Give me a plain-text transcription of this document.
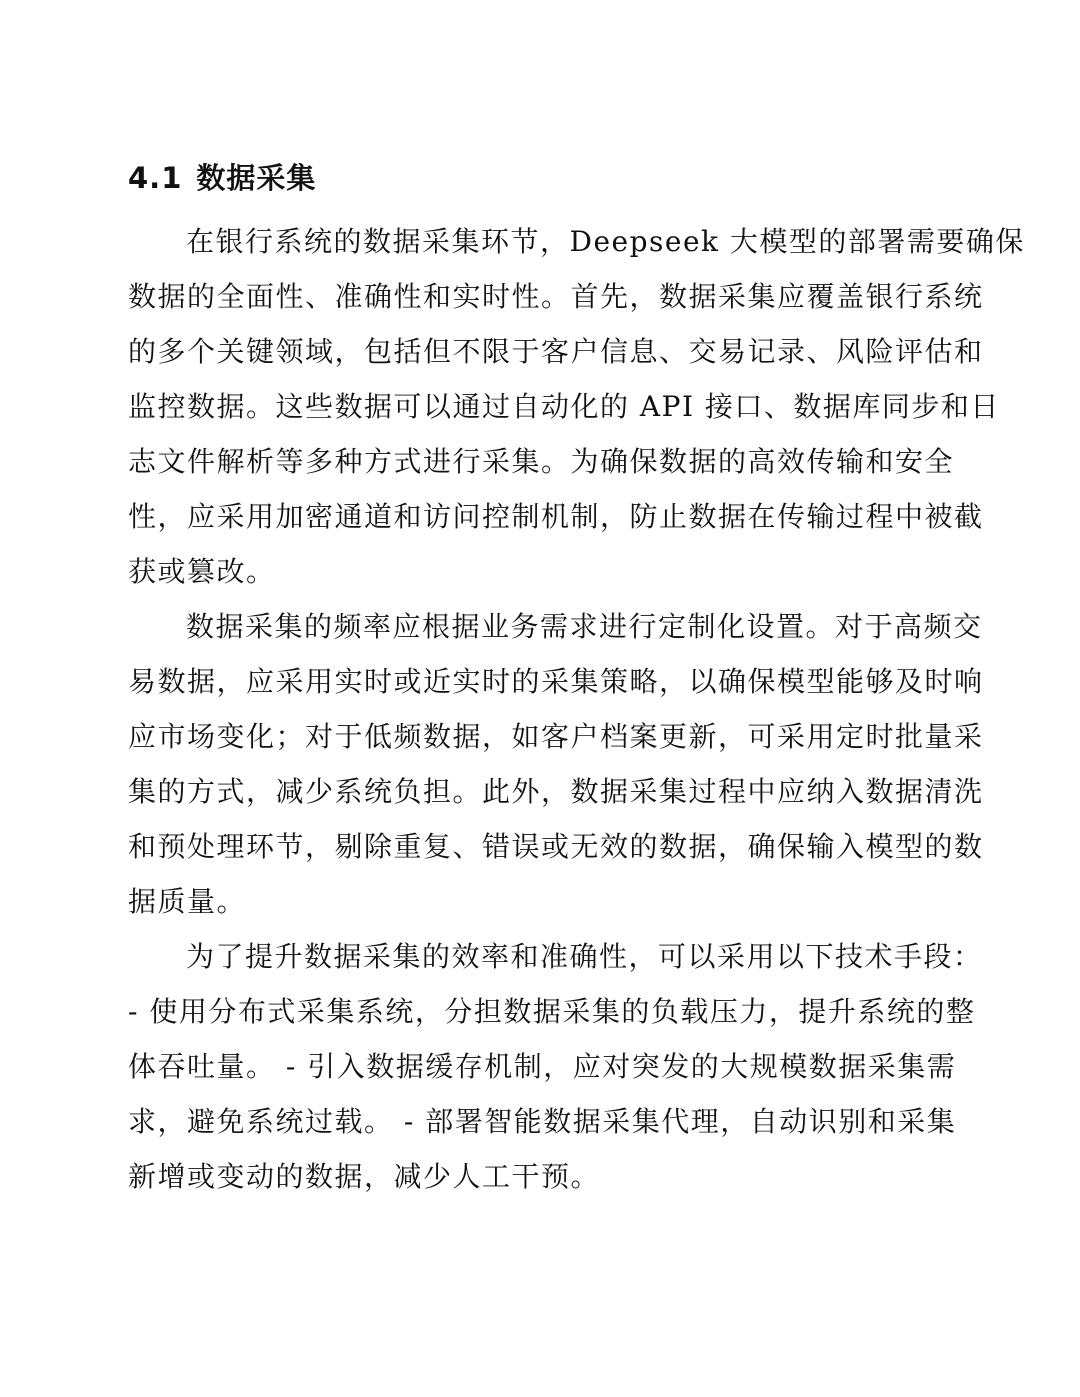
4.1 数据采集
在银行系统的数据采集环节，Deepseek 大模型的部署需要确保
数据的全面性、准确性和实时性。首先，数据采集应覆盖银行系统
的多个关键领域，包括但不限于客户信息、交易记录、风险评估和
监控数据。这些数据可以通过自动化的 API 接口、数据库同步和日
志文件解析等多种方式进行采集。为确保数据的高效传输和安全
性，应采用加密通道和访问控制机制，防止数据在传输过程中被截
获或篡改。
数据采集的频率应根据业务需求进行定制化设置。对于高频交
易数据，应采用实时或近实时的采集策略，以确保模型能够及时响
应市场变化；对于低频数据，如客户档案更新，可采用定时批量采
集的方式，减少系统负担。此外，数据采集过程中应纳入数据清洗
和预处理环节，剔除重复、错误或无效的数据，确保输入模型的数
据质量。
为了提升数据采集的效率和准确性，可以采用以下技术手段：
- 使用分布式采集系统，分担数据采集的负载压力，提升系统的整
体吞吐量。 - 引入数据缓存机制，应对突发的大规模数据采集需
求，避免系统过载。 - 部署智能数据采集代理，自动识别和采集
新增或变动的数据，减少人工干预。
